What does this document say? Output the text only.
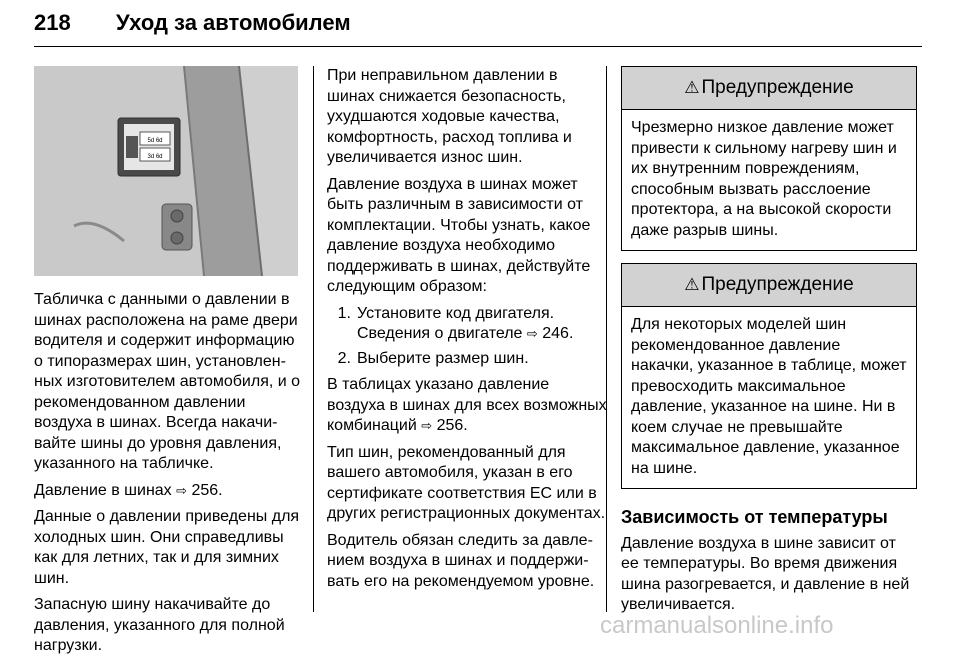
218 Уход за автомобилем
5d 6d
3d 6d

Табличка с данными о давлении в шинах расположена на раме двери водителя и содержит информацию о типоразмерах шин, установленных изготовителем автомобиля, и о рекомендованном давлении воздуха в шинах. Всегда накачивайте шины до уровня давления, указанного на табличке.

Давление в шинах ⇨ 256.

Данные о давлении приведены для холодных шин. Они справедливы как для летних, так и для зимних шин.

Запасную шину накачивайте до давления, указанного для полной нагрузки.

При неправильном давлении в шинах снижается безопасность, ухудшаются ходовые качества, комфортность, расход топлива и увеличивается износ шин.

Давление воздуха в шинах может быть различным в зависимости от комплектации. Чтобы узнать, какое давление воздуха необходимо поддерживать в шинах, действуйте следующим образом:

1. Установите код двигателя. Сведения о двигателе ⇨ 246.
2. Выберите размер шин.

В таблицах указано давление воздуха в шинах для всех возможных комбинаций ⇨ 256.

Тип шин, рекомендованный для вашего автомобиля, указан в его сертификате соответствия ЕС или в других регистрационных документах.

Водитель обязан следить за давлением воздуха в шинах и поддерживать его на рекомендуемом уровне.

⚠ Предупреждение
Чрезмерно низкое давление может привести к сильному нагреву шин и их внутренним повреждениям, способным вызвать расслоение протектора, а на высокой скорости даже разрыв шины.
⚠ Предупреждение
Для некоторых моделей шин рекомендованное давление накачки, указанное в таблице, может превосходить максимальное давление, указанное на шине. Ни в коем случае не превышайте максимальное давление, указанное на шине.
Зависимость от температуры

Давление воздуха в шине зависит от ее температуры. Во время движения шина разогревается, и давление в ней увеличивается.

carmanualsonline.info
